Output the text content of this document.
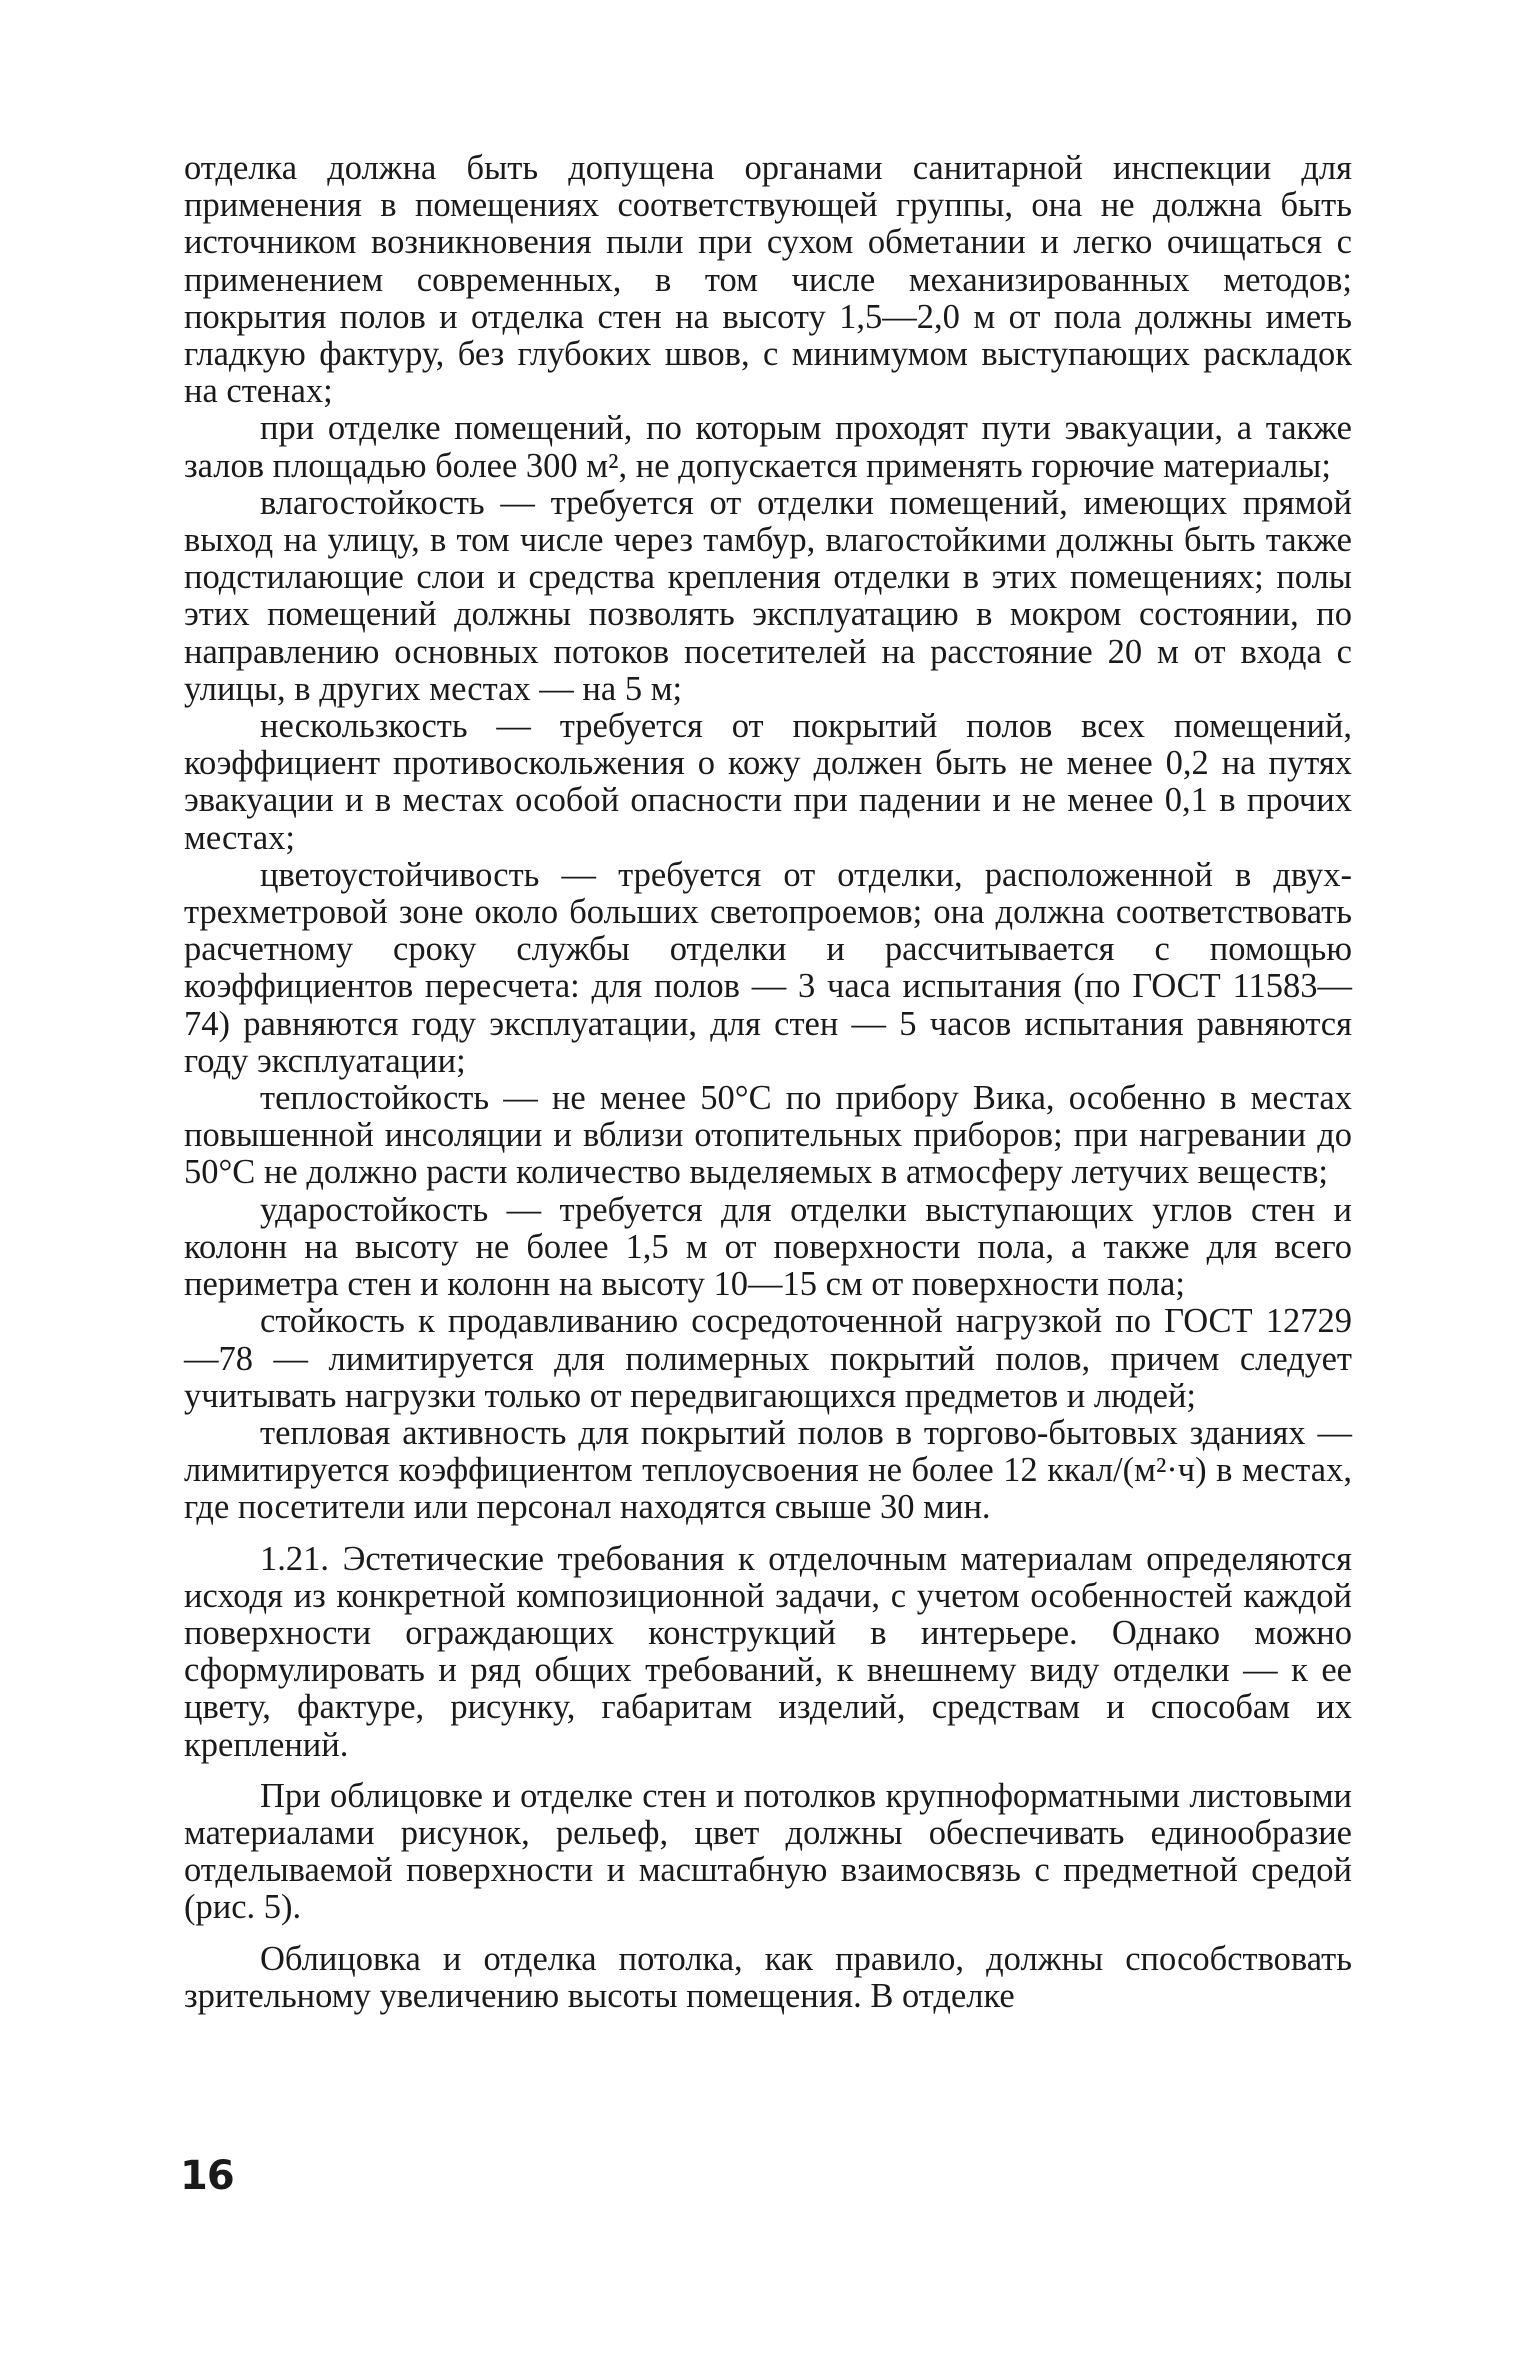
отделка должна быть допущена органами санитарной инспекции для применения в помещениях соответствующей группы, она не должна быть источником возникновения пыли при сухом обметании и легко очищаться с применением современных, в том числе механизированных методов; покрытия полов и отделка стен на высоту 1,5—2,0 м от пола должны иметь гладкую фактуру, без глубоких швов, с минимумом выступающих раскладок на стенах;

при отделке помещений, по которым проходят пути эвакуации, а также залов площадью более 300 м², не допускается применять горючие материалы;

влагостойкость — требуется от отделки помещений, имеющих прямой выход на улицу, в том числе через тамбур, влагостойкими должны быть также подстилающие слои и средства крепления отделки в этих помещениях; полы этих помещений должны позволять эксплуатацию в мокром состоянии, по направлению основных потоков посетителей на расстояние 20 м от входа с улицы, в других местах — на 5 м;

нескользкость — требуется от покрытий полов всех помещений, коэффициент противоскольжения о кожу должен быть не менее 0,2 на путях эвакуации и в местах особой опасности при падении и не менее 0,1 в прочих местах;

цветоустойчивость — требуется от отделки, расположенной в двух-трехметровой зоне около больших светопроемов; она должна соответствовать расчетному сроку службы отделки и рассчитывается с помощью коэффициентов пересчета: для полов — 3 часа испытания (по ГОСТ 11583—74) равняются году эксплуатации, для стен — 5 часов испытания равняются году эксплуатации;

теплостойкость — не менее 50°С по прибору Вика, особенно в местах повышенной инсоляции и вблизи отопительных приборов; при нагревании до 50°С не должно расти количество выделяемых в атмосферу летучих веществ;

ударостойкость — требуется для отделки выступающих углов стен и колонн на высоту не более 1,5 м от поверхности пола, а также для всего периметра стен и колонн на высоту 10—15 см от поверхности пола;

стойкость к продавливанию сосредоточенной нагрузкой по ГОСТ 12729—78 — лимитируется для полимерных покрытий полов, причем следует учитывать нагрузки только от передвигающихся предметов и людей;

тепловая активность для покрытий полов в торгово-бытовых зданиях — лимитируется коэффициентом теплоусвоения не более 12 ккал/(м²·ч) в местах, где посетители или персонал находятся свыше 30 мин.

1.21. Эстетические требования к отделочным материалам определяются исходя из конкретной композиционной задачи, с учетом особенностей каждой поверхности ограждающих конструкций в интерьере. Однако можно сформулировать и ряд общих требований, к внешнему виду отделки — к ее цвету, фактуре, рисунку, габаритам изделий, средствам и способам их креплений.

При облицовке и отделке стен и потолков крупноформатными листовыми материалами рисунок, рельеф, цвет должны обеспечивать единообразие отделываемой поверхности и масштабную взаимосвязь с предметной средой (рис. 5).

Облицовка и отделка потолка, как правило, должны способствовать зрительному увеличению высоты помещения. В отделке

16
